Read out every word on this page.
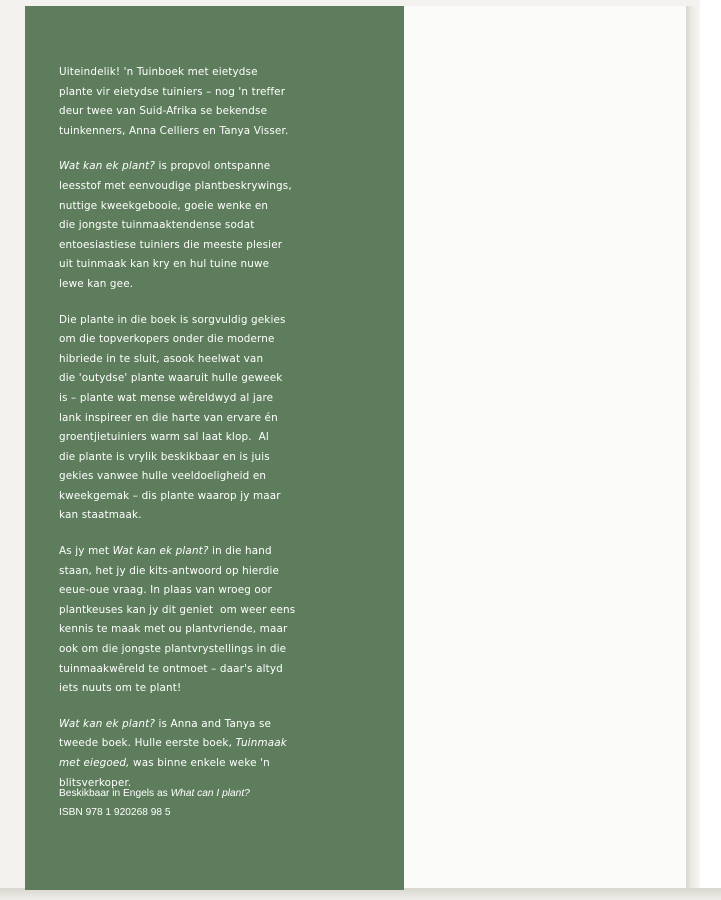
Uiteindelik! 'n Tuinboek met eietydse
plante vir eietydse tuiniers – nog 'n treffer
deur twee van Suid-Afrika se bekendse
tuinkenners, Anna Celliers en Tanya Visser.

Wat kan ek plant? is propvol ontspanne
leesstof met eenvoudige plantbeskrywings,
nuttige kweekgebooie, goeie wenke en
die jongste tuinmaaktendense sodat
entoesiastiese tuiniers die meeste plesier
uit tuinmaak kan kry en hul tuine nuwe
lewe kan gee.

Die plante in die boek is sorgvuldig gekies
om die topverkopers onder die moderne
hibriede in te sluit, asook heelwat van
die 'outydse' plante waaruit hulle geweek
is – plante wat mense wêreldwyd al jare
lank inspireer en die harte van ervare én
groentjietuiniers warm sal laat klop.  Al
die plante is vrylik beskikbaar en is juis
gekies vanwee hulle veeldoeligheid en
kweekgemak – dis plante waarop jy maar
kan staatmaak.

As jy met Wat kan ek plant? in die hand
staan, het jy die kits-antwoord op hierdie
eeue-oue vraag. In plaas van wroeg oor
plantkeuses kan jy dit geniet  om weer eens
kennis te maak met ou plantvriende, maar
ook om die jongste plantvrystellings in die
tuinmaakwêreld te ontmoet – daar's altyd
iets nuuts om te plant!

Wat kan ek plant? is Anna and Tanya se
tweede boek. Hulle eerste boek, Tuinmaak
met eiegoed, was binne enkele weke 'n
blitsverkoper.

Beskikbaar in Engels as What can I plant?
ISBN 978 1 920268 98 5
